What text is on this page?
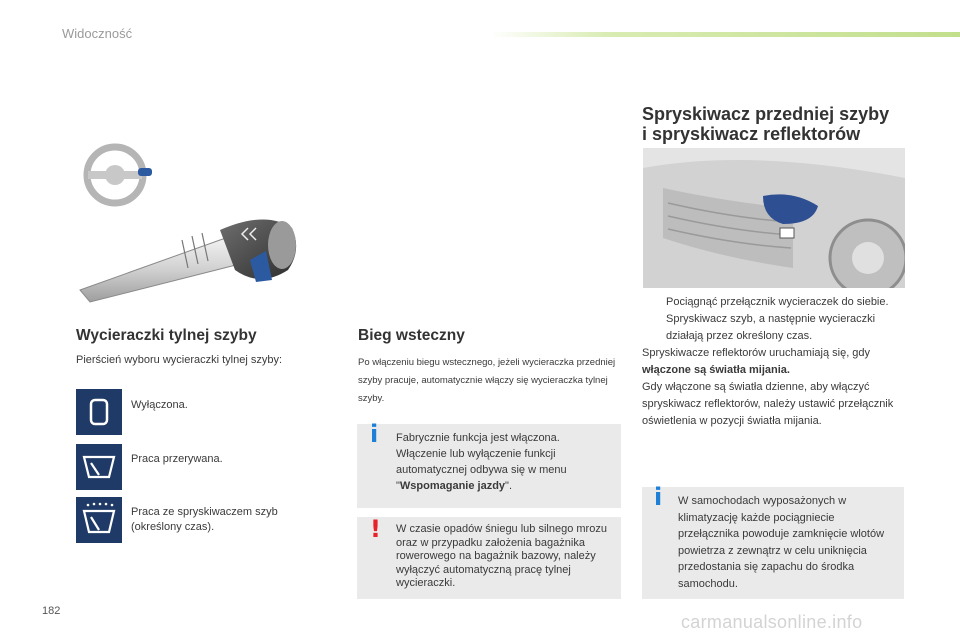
Widoczność
Wycieraczki tylnej szyby
Pierścień wyboru wycieraczki tylnej szyby:
Wyłączona.
Praca przerywana.
Praca ze spryskiwaczem szyb (określony czas).
Bieg wsteczny
Po włączeniu biegu wstecznego, jeżeli wycieraczka przedniej szyby pracuje, automatycznie włączy się wycieraczka tylnej szyby.
i Fabrycznie funkcja jest włączona. Włączenie lub wyłączenie funkcji automatycznej odbywa się w menu "Wspomaganie jazdy".
! W czasie opadów śniegu lub silnego mrozu oraz w przypadku założenia bagażnika rowerowego na bagażnik bazowy, należy wyłączyć automatyczną pracę tylnej wycieraczki.
Spryskiwacz przedniej szyby
i spryskiwacz reflektorów
Pociągnąć przełącznik wycieraczek do siebie. Spryskiwacz szyb, a następnie wycieraczki działają przez określony czas.

Spryskiwacze reflektorów uruchamiają się, gdy włączone są światła mijania.

Gdy włączone są światła dzienne, aby włączyć spryskiwacz reflektorów, należy ustawić przełącznik oświetlenia w pozycji światła mijania.

i W samochodach wyposażonych w klimatyzację każde pociągniecie przełącznika powoduje zamknięcie wlotów powietrza z zewnątrz w celu uniknięcia przedostania się zapachu do środka samochodu.
182
carmanualsonline.info
